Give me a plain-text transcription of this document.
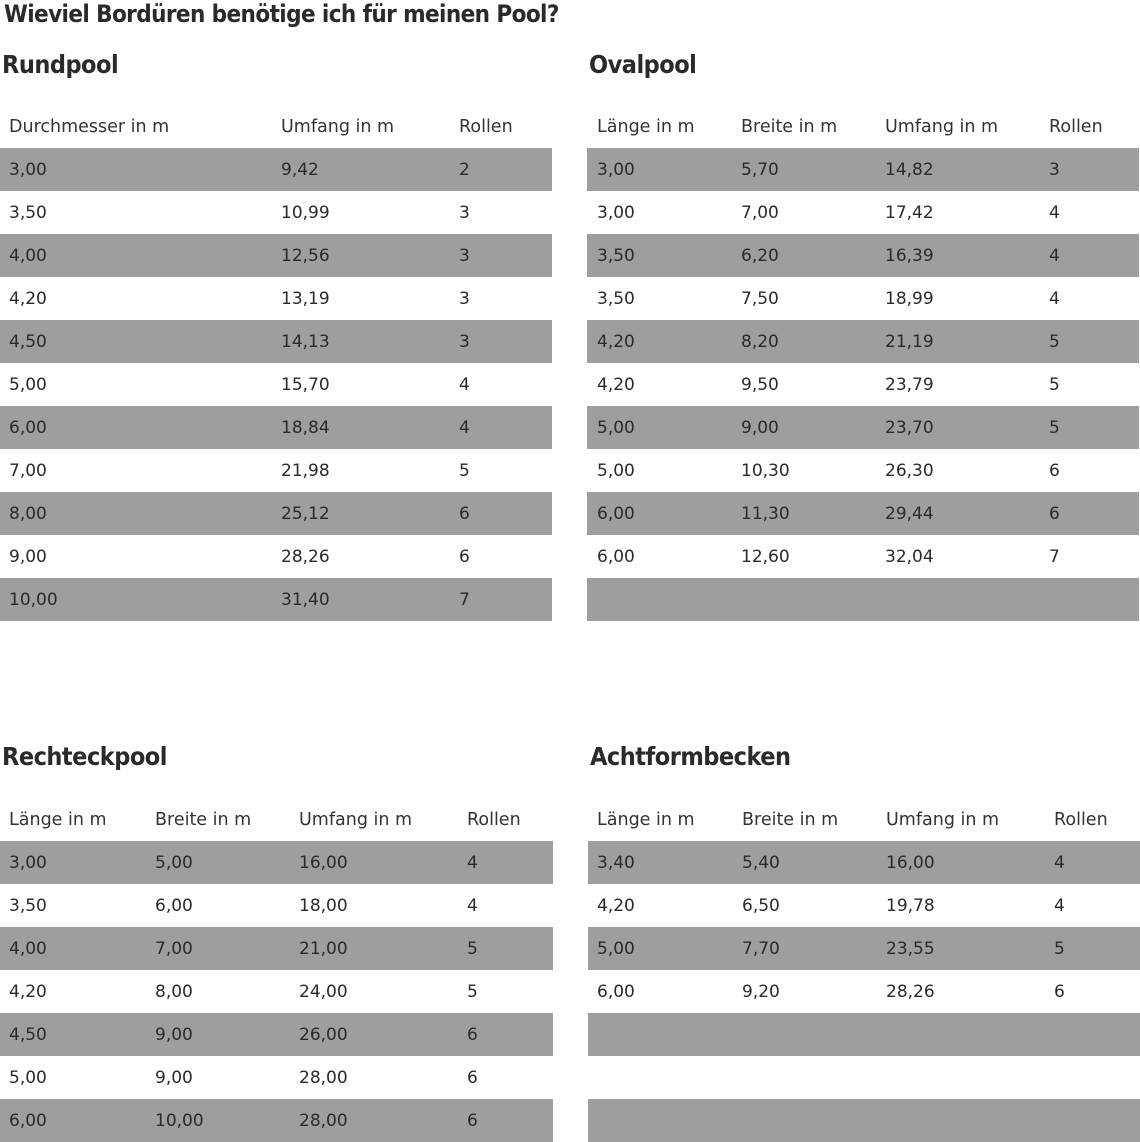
Wieviel Bordüren benötige ich für meinen Pool?
Rundpool
Durchmesser in m	Umfang in m	Rollen
3,00	9,42	2
3,50	10,99	3
4,00	12,56	3
4,20	13,19	3
4,50	14,13	3
5,00	15,70	4
6,00	18,84	4
7,00	21,98	5
8,00	25,12	6
9,00	28,26	6
10,00	31,40	7
Ovalpool
Länge in m	Breite in m	Umfang in m	Rollen
3,00	5,70	14,82	3
3,00	7,00	17,42	4
3,50	6,20	16,39	4
3,50	7,50	18,99	4
4,20	8,20	21,19	5
4,20	9,50	23,79	5
5,00	9,00	23,70	5
5,00	10,30	26,30	6
6,00	11,30	29,44	6
6,00	12,60	32,04	7
Rechteckpool
Länge in m	Breite in m	Umfang in m	Rollen
3,00	5,00	16,00	4
3,50	6,00	18,00	4
4,00	7,00	21,00	5
4,20	8,00	24,00	5
4,50	9,00	26,00	6
5,00	9,00	28,00	6
6,00	10,00	28,00	6
Achtformbecken
Länge in m	Breite in m	Umfang in m	Rollen
3,40	5,40	16,00	4
4,20	6,50	19,78	4
5,00	7,70	23,55	5
6,00	9,20	28,26	6
